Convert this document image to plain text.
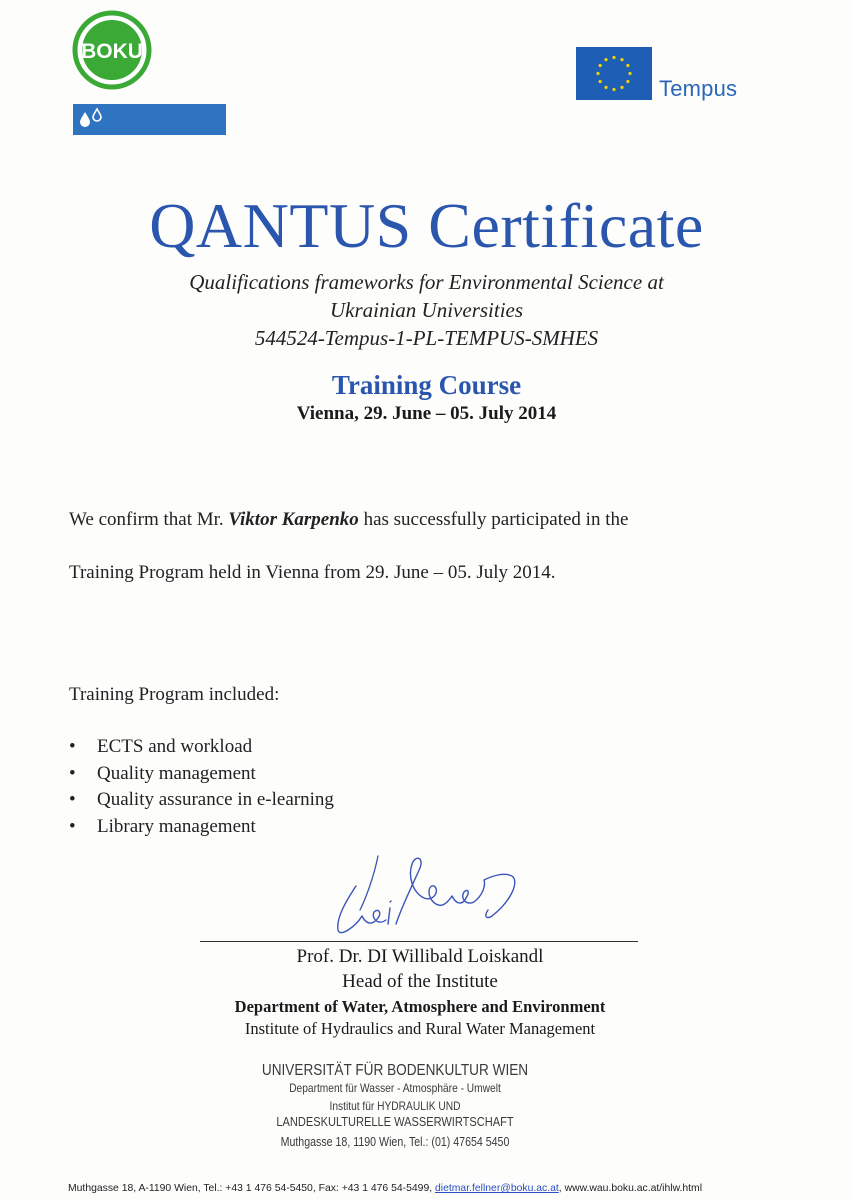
BOKU
Tempus
QANTUS Certificate
Qualifications frameworks for Environmental Science at
Ukrainian Universities
544524-Tempus-1-PL-TEMPUS-SMHES
Training Course
Vienna, 29. June – 05. July 2014
We confirm that Mr. Viktor Karpenko has successfully participated in the
Training Program held in Vienna from 29. June – 05. July 2014.
Training Program included:
• ECTS and workload
• Quality management
• Quality assurance in e-learning
• Library management
Prof. Dr. DI Willibald Loiskandl
Head of the Institute
Department of Water, Atmosphere and Environment
Institute of Hydraulics and Rural Water Management
UNIVERSITÄT FÜR BODENKULTUR WIEN
Department für Wasser - Atmosphäre - Umwelt
Institut für HYDRAULIK UND
LANDESKULTURELLE WASSERWIRTSCHAFT
Muthgasse 18, 1190 Wien, Tel.: (01) 47654 5450
Muthgasse 18, A-1190 Wien, Tel.: +43 1 476 54-5450, Fax: +43 1 476 54-5499, dietmar.fellner@boku.ac.at, www.wau.boku.ac.at/ihlw.html
